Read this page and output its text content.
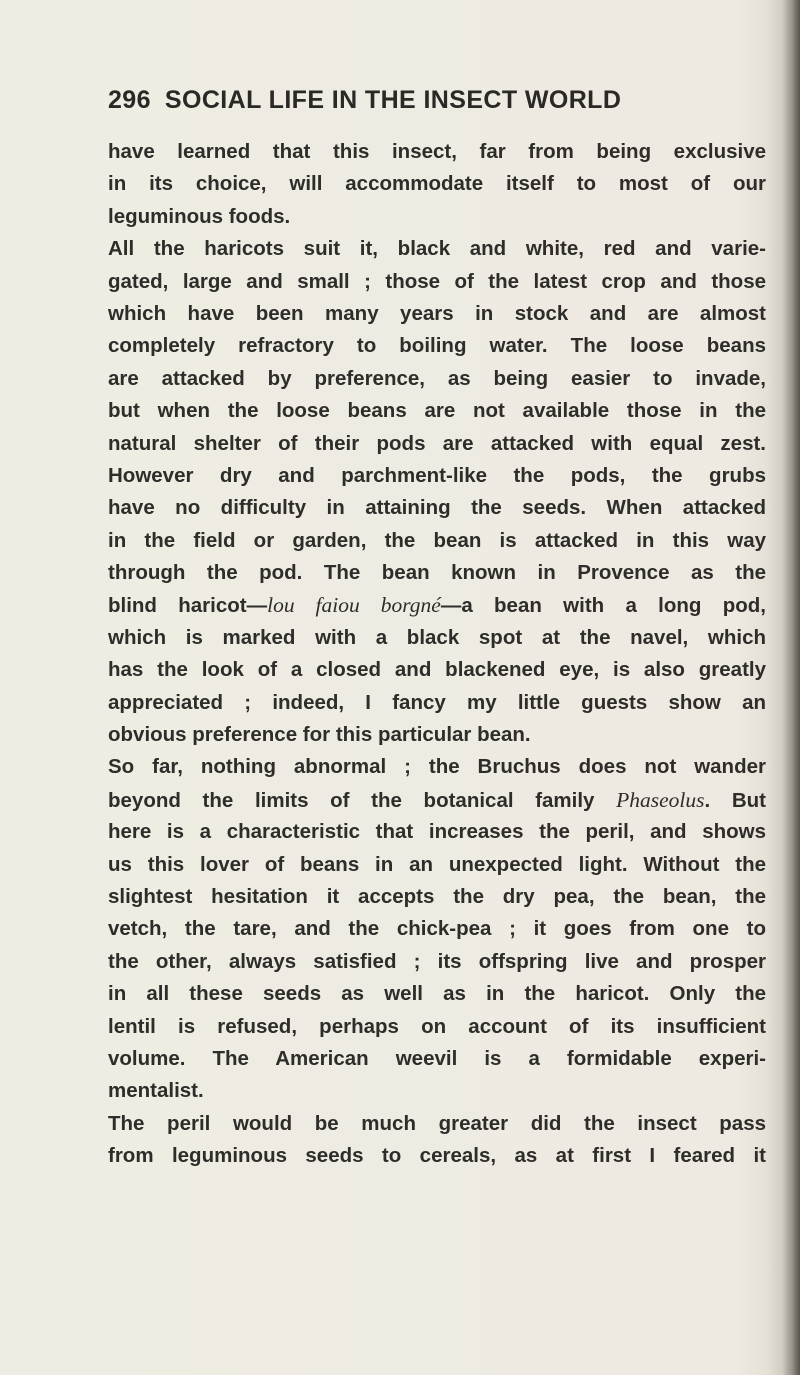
296 SOCIAL LIFE IN THE INSECT WORLD
have learned that this insect, far from being exclusive
in its choice, will accommodate itself to most of our
leguminous foods.
All the haricots suit it, black and white, red and varie-
gated, large and small ; those of the latest crop and those
which have been many years in stock and are almost
completely refractory to boiling water. The loose beans
are attacked by preference, as being easier to invade,
but when the loose beans are not available those in the
natural shelter of their pods are attacked with equal zest.
However dry and parchment-like the pods, the grubs
have no difficulty in attaining the seeds. When attacked
in the field or garden, the bean is attacked in this way
through the pod. The bean known in Provence as the
blind haricot—lou faiou borgné—a bean with a long pod,
which is marked with a black spot at the navel, which
has the look of a closed and blackened eye, is also greatly
appreciated ; indeed, I fancy my little guests show an
obvious preference for this particular bean.
So far, nothing abnormal ; the Bruchus does not wander
beyond the limits of the botanical family Phaseolus. But
here is a characteristic that increases the peril, and shows
us this lover of beans in an unexpected light. Without the
slightest hesitation it accepts the dry pea, the bean, the
vetch, the tare, and the chick-pea ; it goes from one to
the other, always satisfied ; its offspring live and prosper
in all these seeds as well as in the haricot. Only the
lentil is refused, perhaps on account of its insufficient
volume. The American weevil is a formidable experi-
mentalist.
The peril would be much greater did the insect pass
from leguminous seeds to cereals, as at first I feared it
